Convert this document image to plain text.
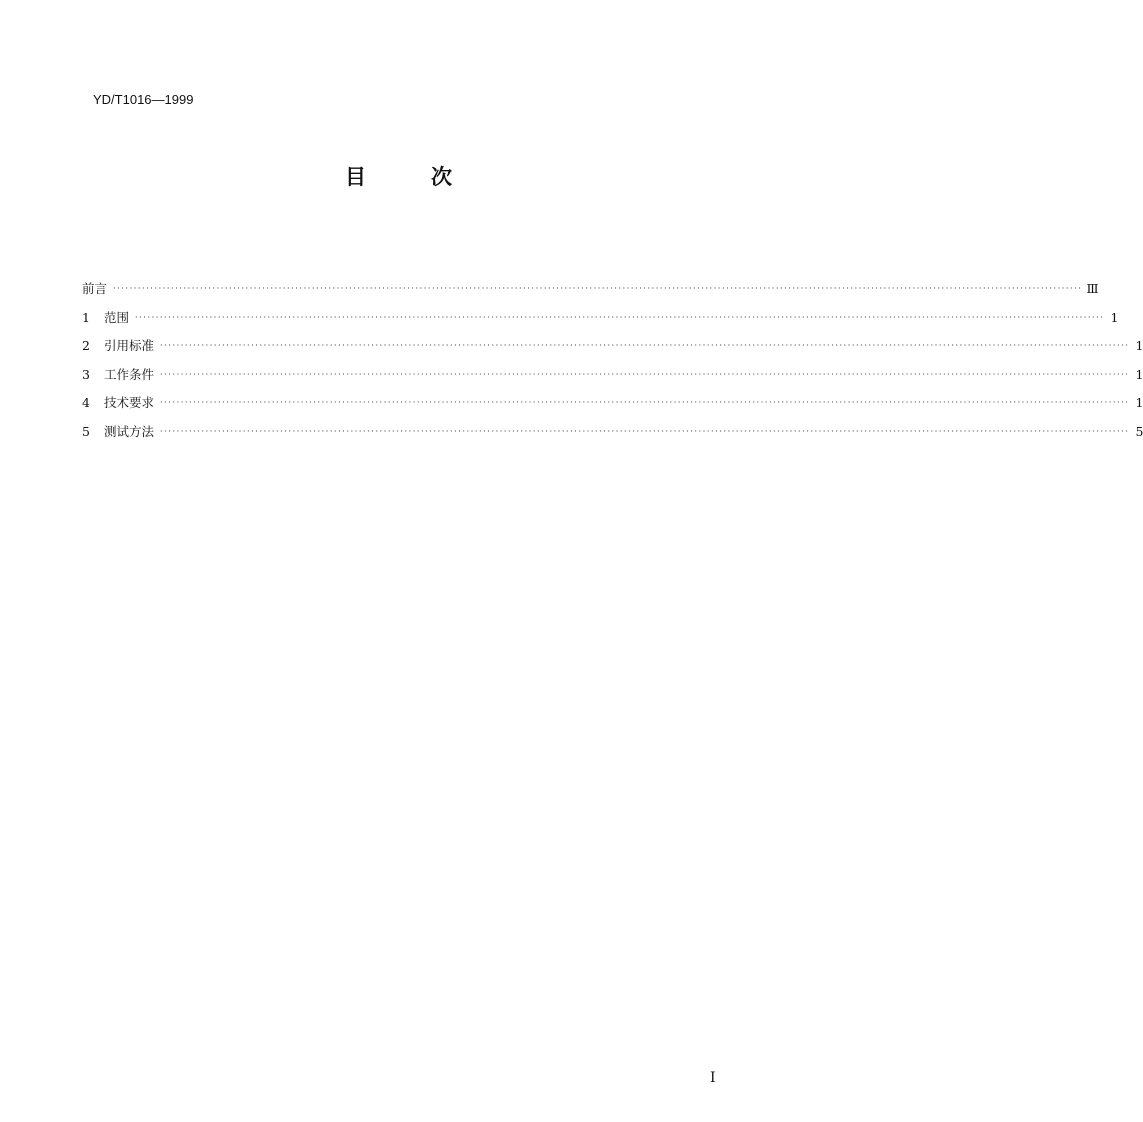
YD/T1016—1999
目	次
前言 ·········································································································································································································································· Ⅲ
1	范围 ·········································································································································································································································· 1
2	引用标准 ·········································································································································································································································· 1
3	工作条件 ·········································································································································································································································· 1
4	技术要求 ·········································································································································································································································· 1
5	测试方法 ·········································································································································································································································· 5
I
